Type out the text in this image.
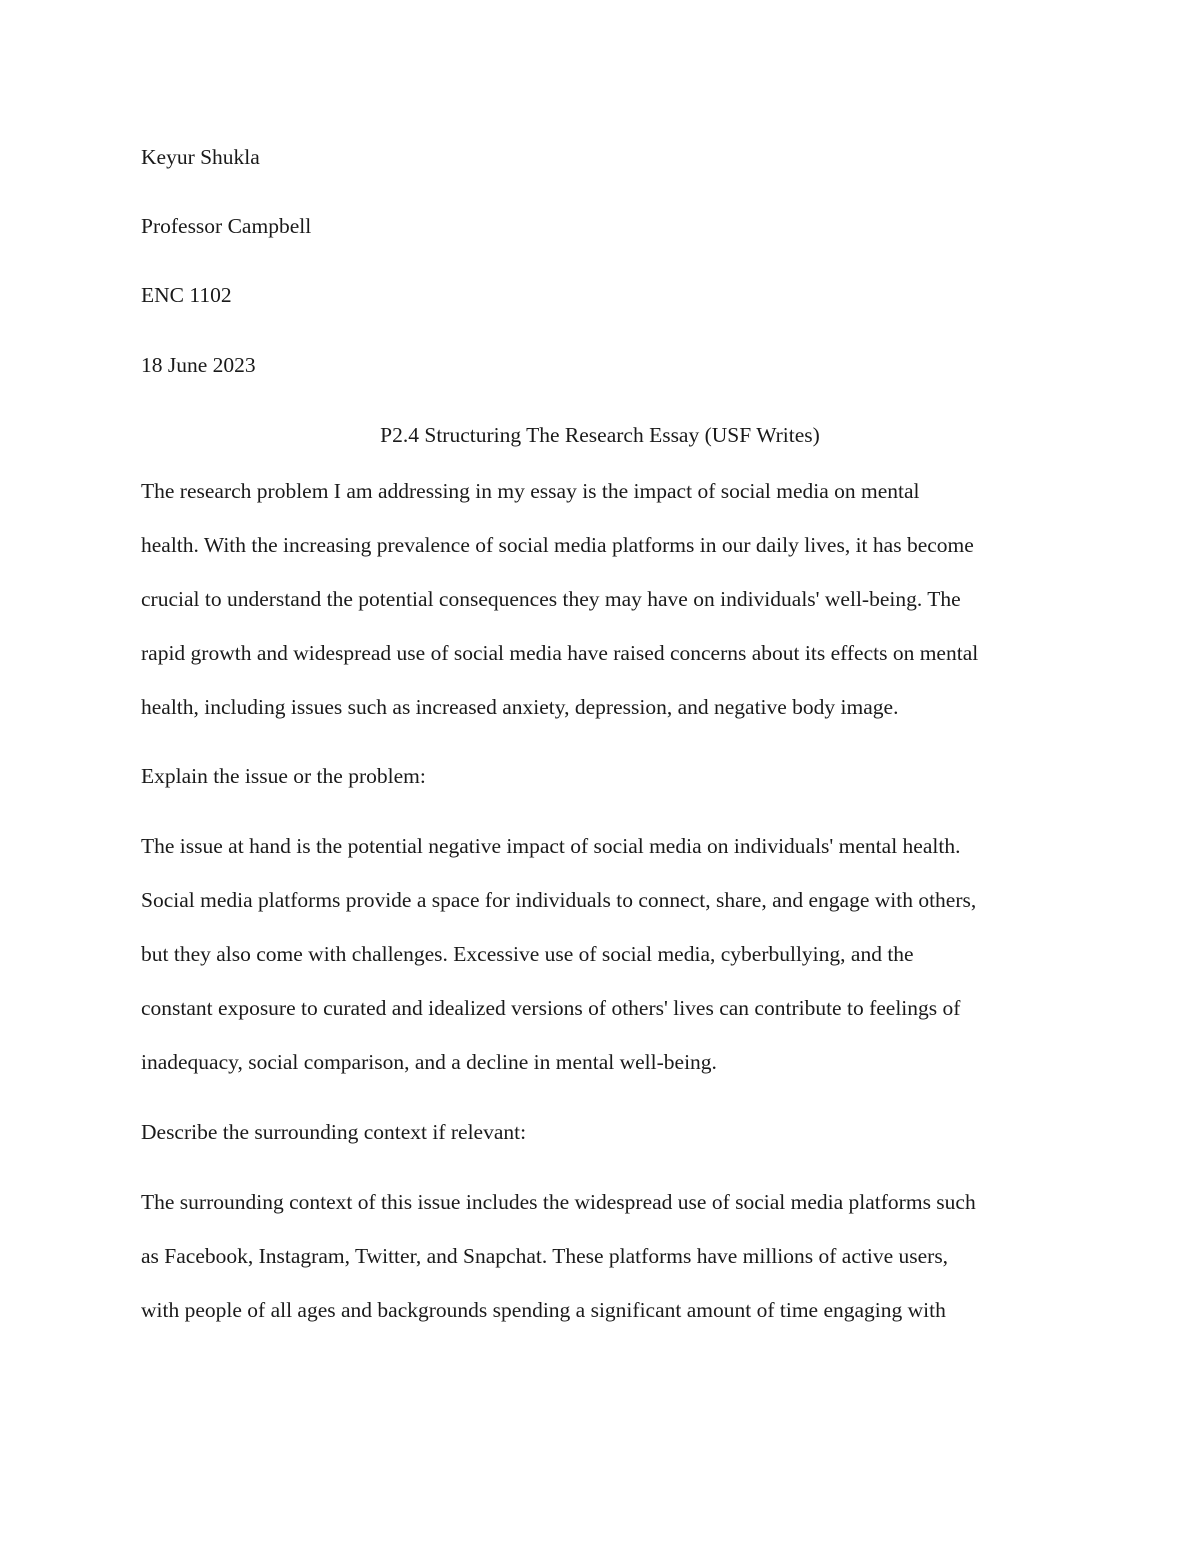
Keyur Shukla

Professor Campbell

ENC 1102

18 June 2023

P2.4 Structuring The Research Essay (USF Writes)

The research problem I am addressing in my essay is the impact of social media on mental

health. With the increasing prevalence of social media platforms in our daily lives, it has become

crucial to understand the potential consequences they may have on individuals' well-being. The

rapid growth and widespread use of social media have raised concerns about its effects on mental

health, including issues such as increased anxiety, depression, and negative body image.

Explain the issue or the problem:

The issue at hand is the potential negative impact of social media on individuals' mental health.

Social media platforms provide a space for individuals to connect, share, and engage with others,

but they also come with challenges. Excessive use of social media, cyberbullying, and the

constant exposure to curated and idealized versions of others' lives can contribute to feelings of

inadequacy, social comparison, and a decline in mental well-being.

Describe the surrounding context if relevant:

The surrounding context of this issue includes the widespread use of social media platforms such

as Facebook, Instagram, Twitter, and Snapchat. These platforms have millions of active users,

with people of all ages and backgrounds spending a significant amount of time engaging with
